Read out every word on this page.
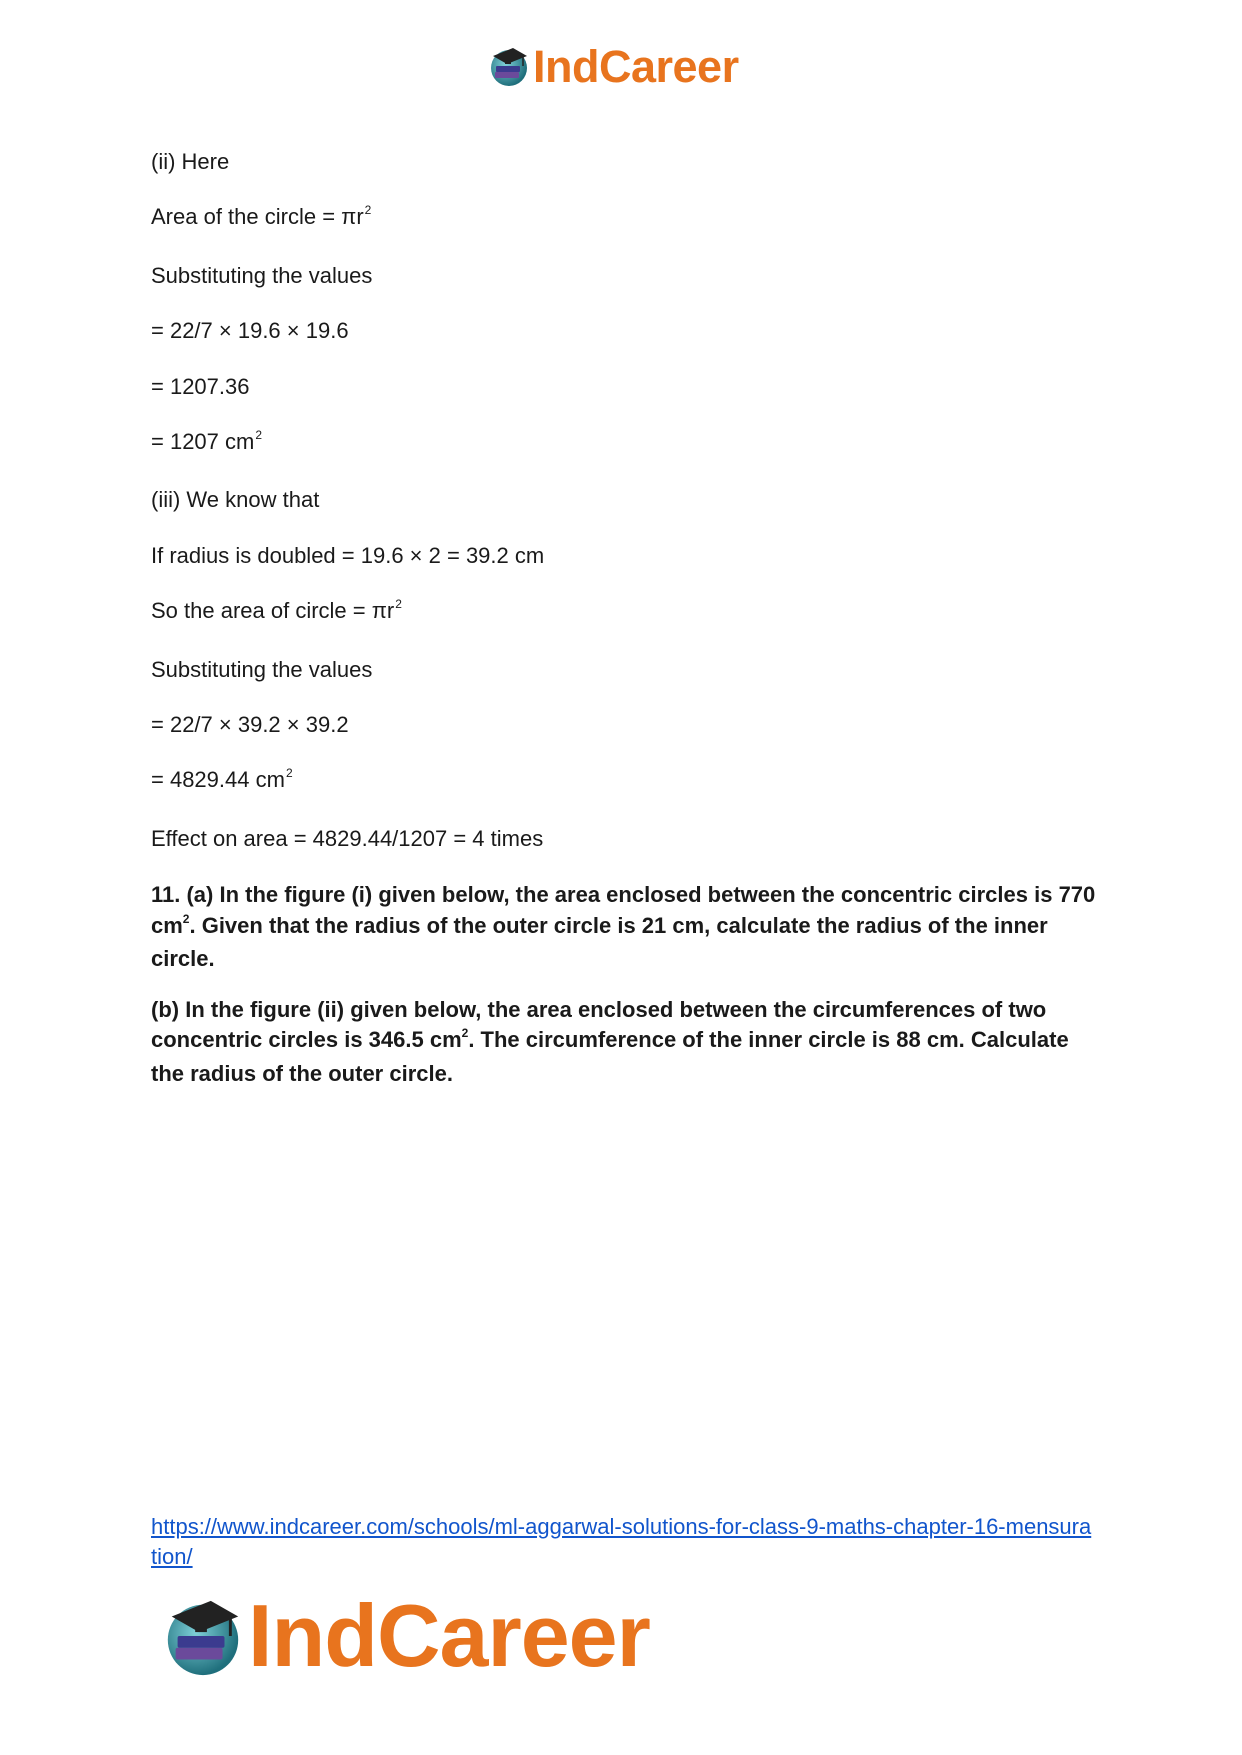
IndCareer
(ii) Here
Area of the circle = $\pi r^2$
Substituting the values
= 22/7 × 19.6 × 19.6
= 1207.36
= 1207 $cm^2$
(iii) We know that
If radius is doubled = 19.6 × 2 = 39.2 cm
So the area of circle = $\pi r^2$
Substituting the values
= 22/7 × 39.2 × 39.2
= 4829.44 $cm^2$
Effect on area = 4829.44/1207 = 4 times
11. (a) In the figure (i) given below, the area enclosed between the concentric circles is 770 $cm^2$. Given that the radius of the outer circle is 21 cm, calculate the radius of the inner circle.
(b) In the figure (ii) given below, the area enclosed between the circumferences of two concentric circles is 346.5 $cm^2$. The circumference of the inner circle is 88 cm. Calculate the radius of the outer circle.
https://www.indcareer.com/schools/ml-aggarwal-solutions-for-class-9-maths-chapter-16-mensuration/
IndCareer
